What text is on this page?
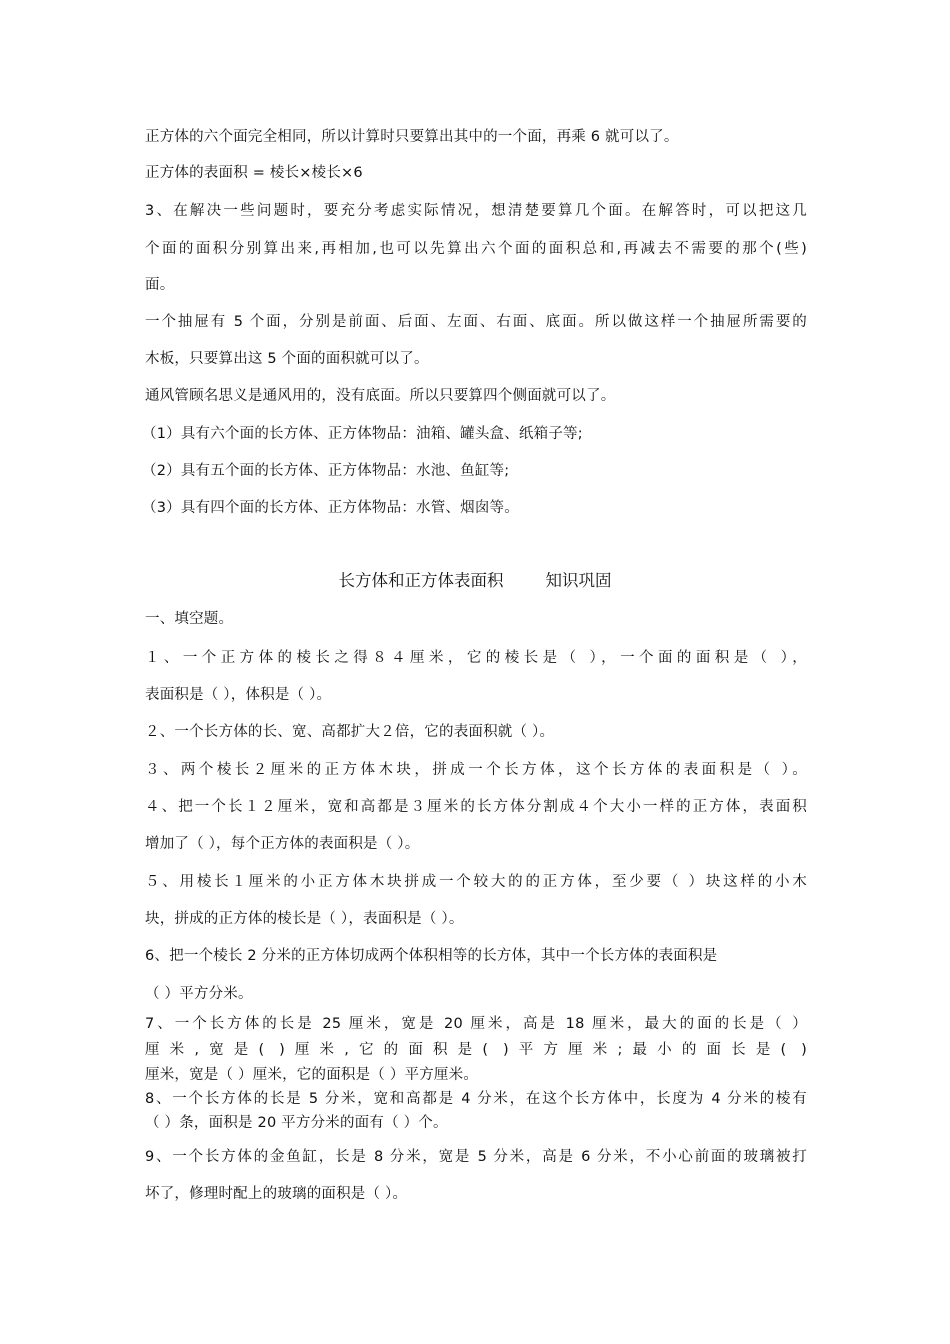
正方体的六个面完全相同，所以计算时只要算出其中的一个面，再乘 6 就可以了。
正方体的表面积 = 棱长×棱长×6
3、在解决一些问题时，要充分考虑实际情况，想清楚要算几个面。在解答时，可以把这几
个面的面积分别算出来,再相加,也可以先算出六个面的面积总和,再减去不需要的那个(些)
面。
一个抽屉有 5 个面，分别是前面、后面、左面、右面、底面。所以做这样一个抽屉所需要的
木板，只要算出这 5 个面的面积就可以了。
通风管顾名思义是通风用的，没有底面。所以只要算四个侧面就可以了。
（1）具有六个面的长方体、正方体物品：油箱、罐头盒、纸箱子等;
（2）具有五个面的长方体、正方体物品：水池、鱼缸等;
（3）具有四个面的长方体、正方体物品：水管、烟囱等。
长方体和正方体表面积        知识巩固
一、填空题。
１、一个正方体的棱长之得８４厘米，它的棱长是（ ），一个面的面积是（ ），
表面积是（ ），体积是（ ）。
２、一个长方体的长、宽、高都扩大２倍，它的表面积就（ ）。
３、两个棱长２厘米的正方体木块，拼成一个长方体，这个长方体的表面积是（ ）。
４、把一个长１２厘米，宽和高都是３厘米的长方体分割成４个大小一样的正方体，表面积
增加了（ ），每个正方体的表面积是（ ）。
５、用棱长１厘米的小正方体木块拼成一个较大的的正方体，至少要（ ）块这样的小木
块，拼成的正方体的棱长是（ ），表面积是（ ）。
6、把一个棱长 2 分米的正方体切成两个体积相等的长方体，其中一个长方体的表面积是
（ ）平方分米。
7、一个长方体的长是 25 厘米，宽是 20 厘米，高是 18 厘米，最大的面的长是（ ）
厘米,宽是( )厘米,它的面积是( )平方厘米;最小的面长是( )
厘米，宽是（ ）厘米，它的面积是（ ）平方厘米。
8、一个长方体的长是 5 分米，宽和高都是 4 分米，在这个长方体中，长度为 4 分米的棱有
（ ）条，面积是 20 平方分米的面有（ ）个。
9、一个长方体的金鱼缸，长是 8 分米，宽是 5 分米，高是 6 分米，不小心前面的玻璃被打
坏了，修理时配上的玻璃的面积是（ ）。
